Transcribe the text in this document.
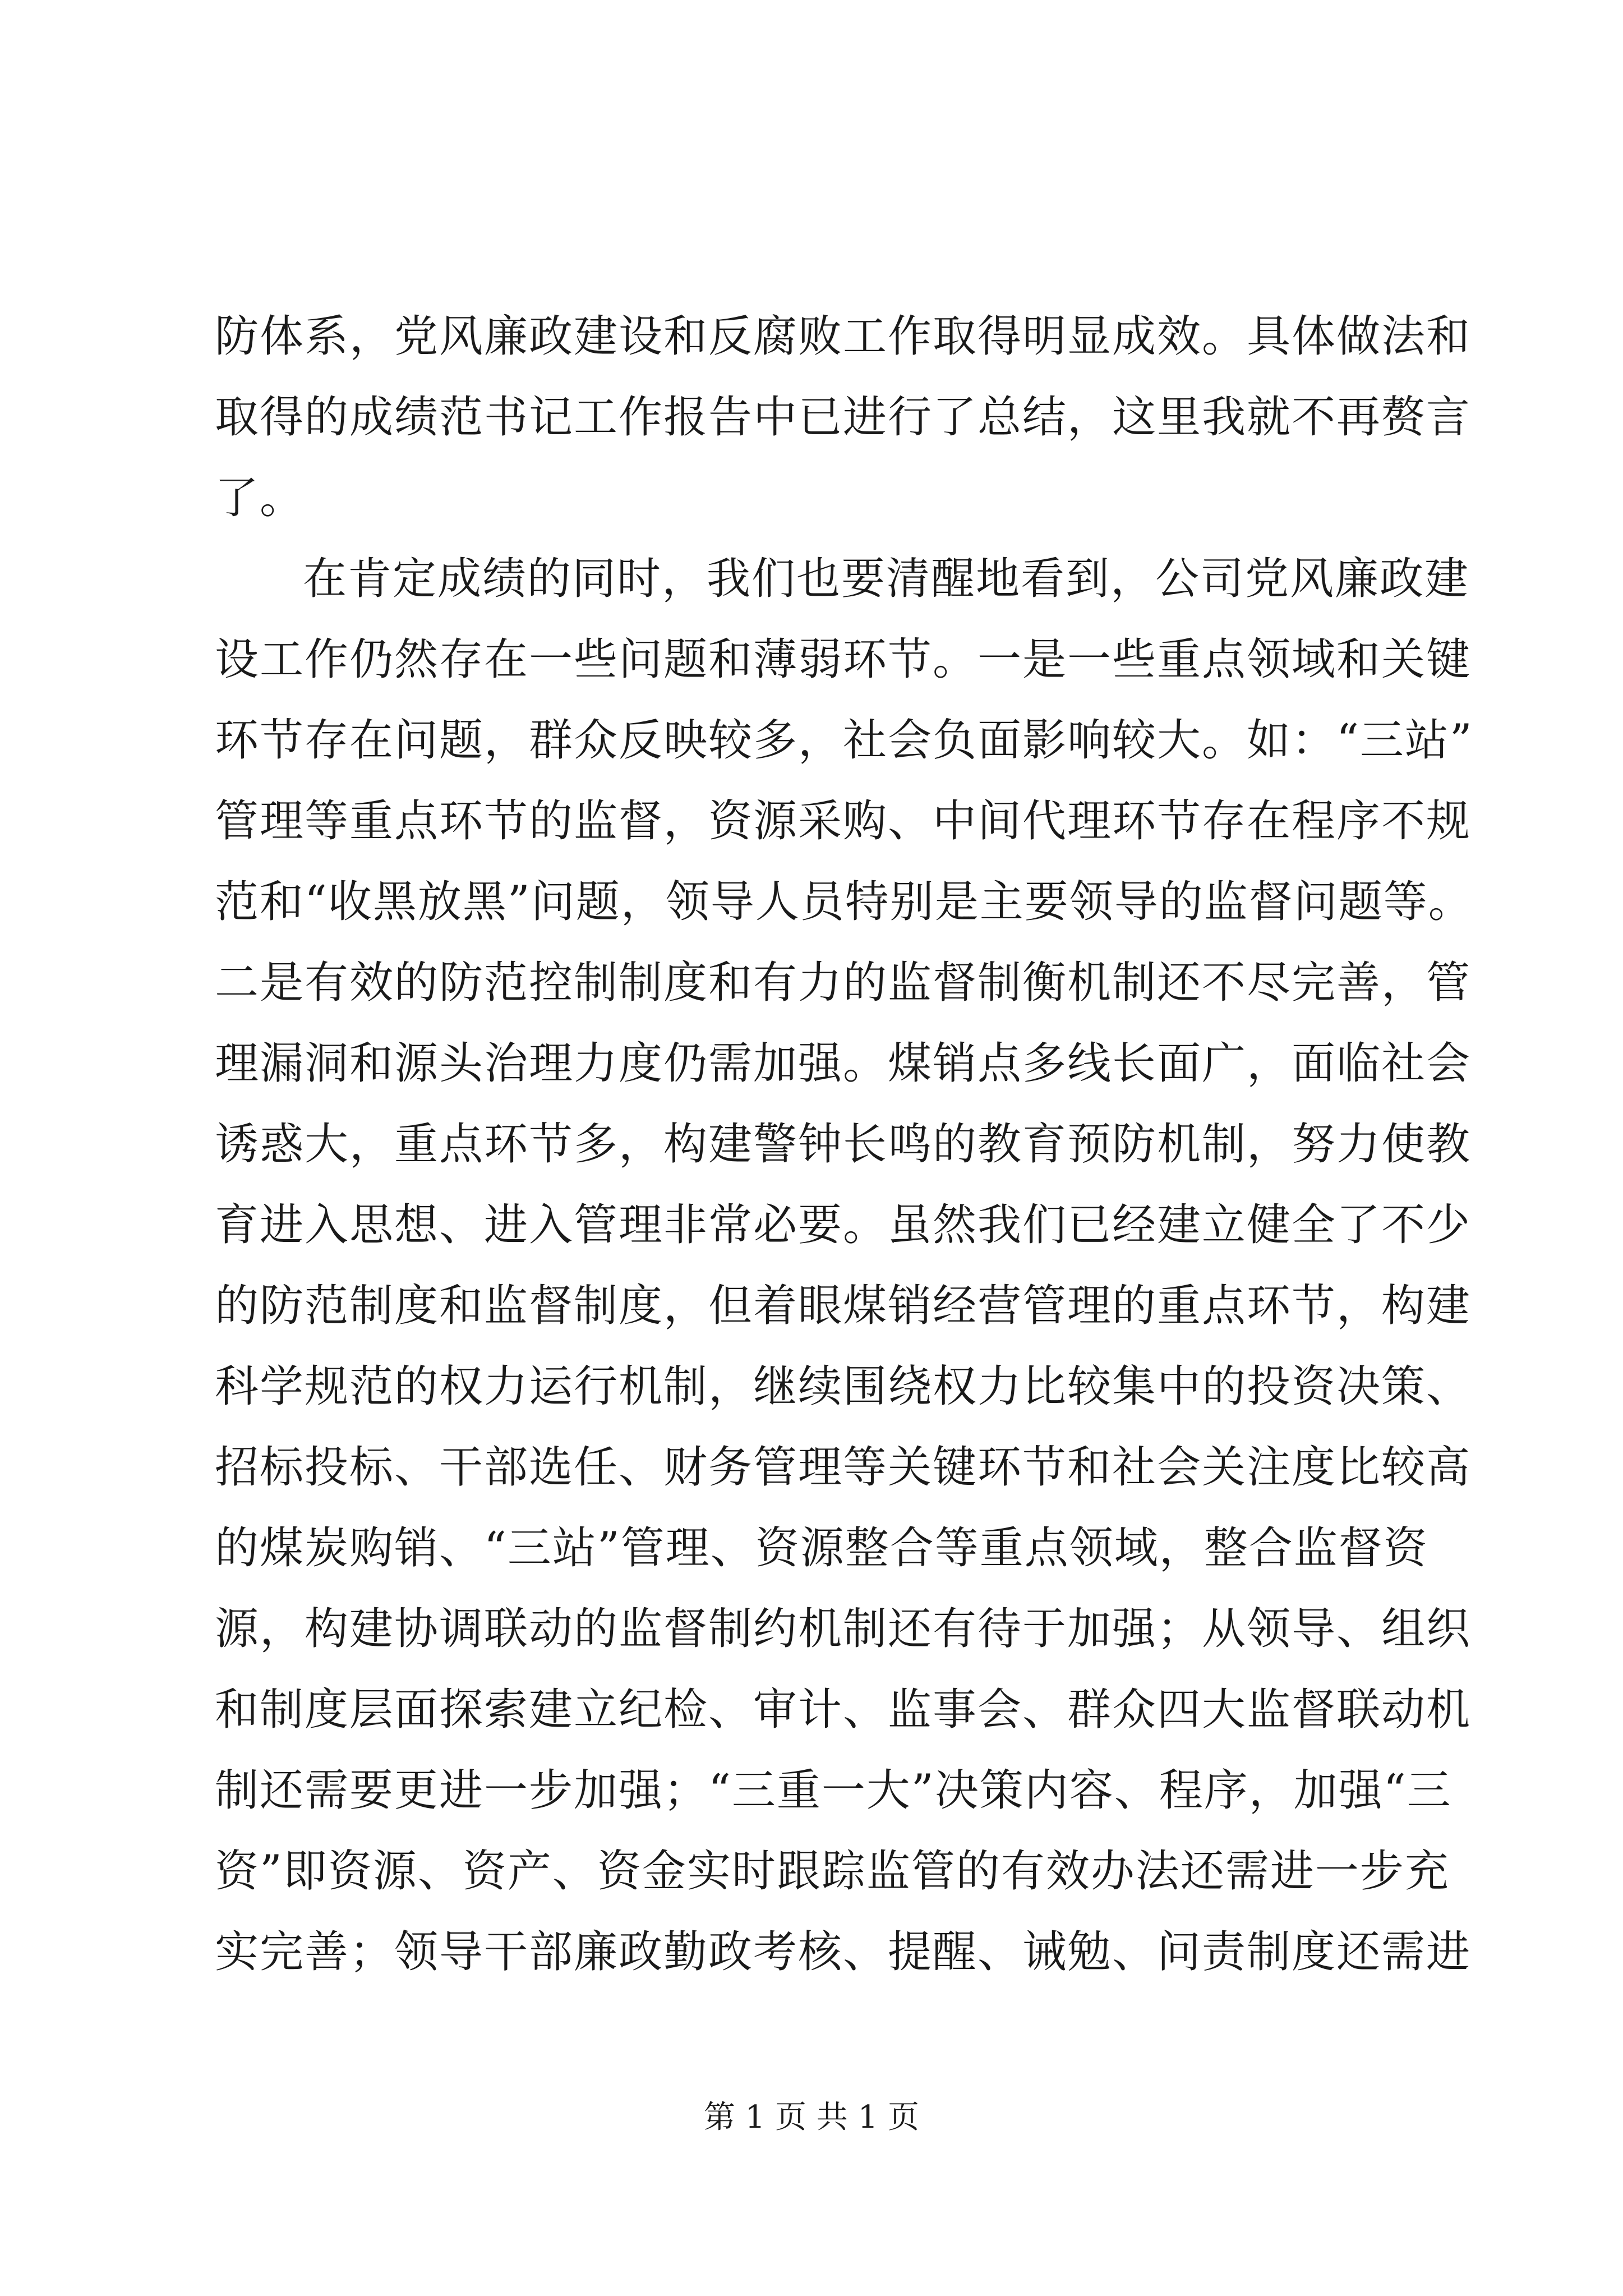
防体系，党风廉政建设和反腐败工作取得明显成效。具体做法和
取得的成绩范书记工作报告中已进行了总结，这里我就不再赘言
了。
在肯定成绩的同时，我们也要清醒地看到，公司党风廉政建
设工作仍然存在一些问题和薄弱环节。一是一些重点领域和关键
环节存在问题，群众反映较多，社会负面影响较大。如：“三站”
管理等重点环节的监督，资源采购、中间代理环节存在程序不规
范和“收黑放黑”问题，领导人员特别是主要领导的监督问题等。
二是有效的防范控制制度和有力的监督制衡机制还不尽完善，管
理漏洞和源头治理力度仍需加强。煤销点多线长面广，面临社会
诱惑大，重点环节多，构建警钟长鸣的教育预防机制，努力使教
育进入思想、进入管理非常必要。虽然我们已经建立健全了不少
的防范制度和监督制度，但着眼煤销经营管理的重点环节，构建
科学规范的权力运行机制，继续围绕权力比较集中的投资决策、
招标投标、干部选任、财务管理等关键环节和社会关注度比较高
的煤炭购销、“三站”管理、资源整合等重点领域，整合监督资
源，构建协调联动的监督制约机制还有待于加强；从领导、组织
和制度层面探索建立纪检、审计、监事会、群众四大监督联动机
制还需要更进一步加强；“三重一大”决策内容、程序，加强“三
资”即资源、资产、资金实时跟踪监管的有效办法还需进一步充
实完善；领导干部廉政勤政考核、提醒、诫勉、问责制度还需进
第 1 页 共 1 页
